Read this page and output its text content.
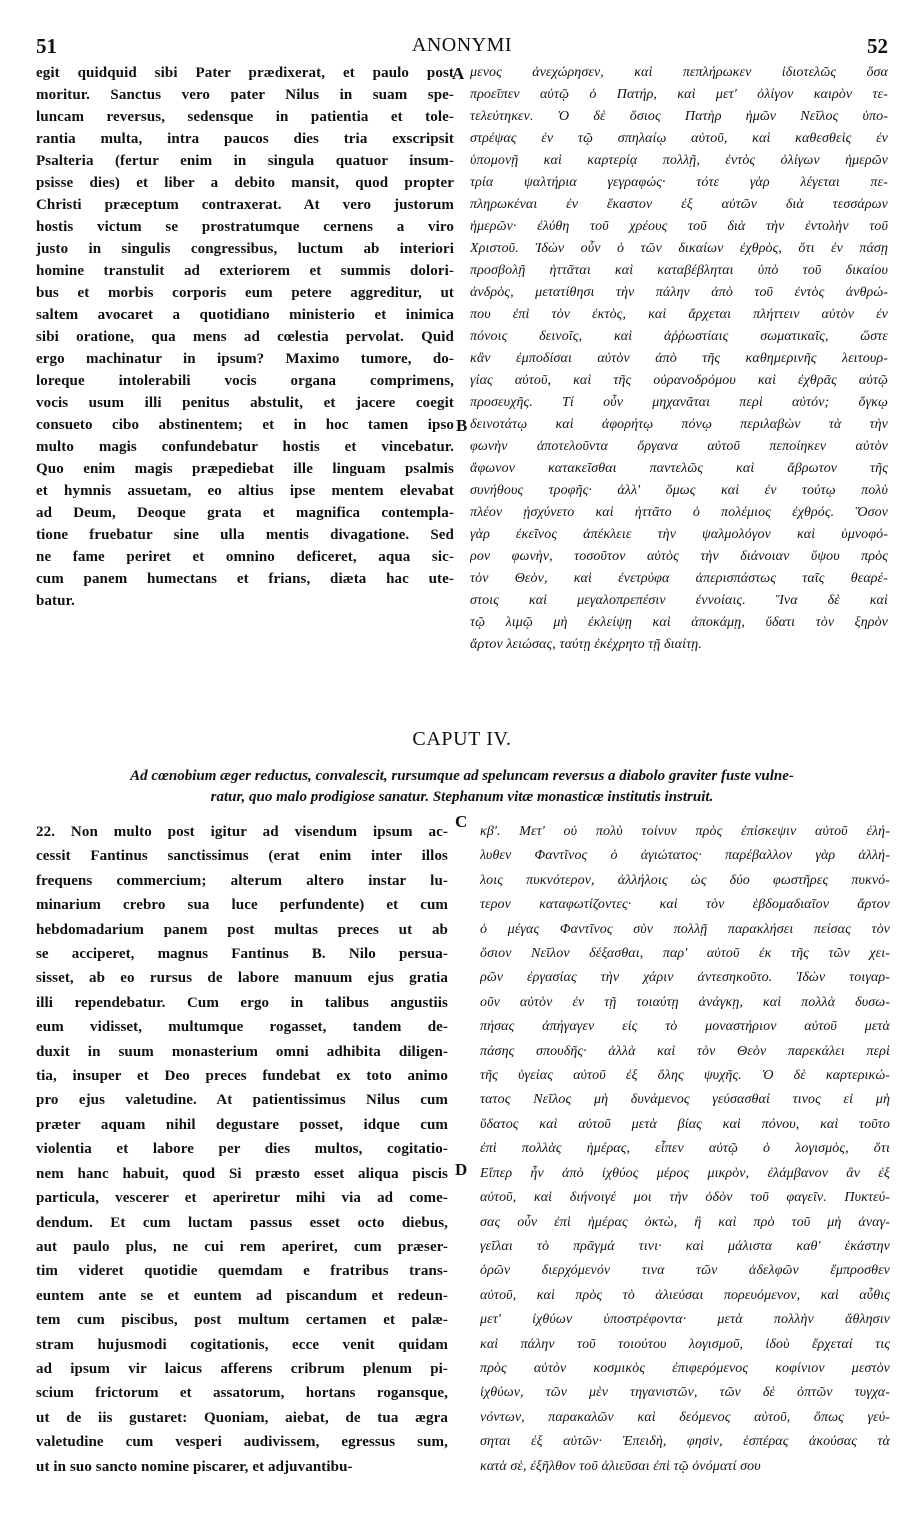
51	ANONYMI	52
egit quidquid sibi Pater prædixerat, et paulo post
moritur. Sanctus vero pater Nilus in suam spe-
luncam reversus, sedensque in patientia et tole-
rantia multa, intra paucos dies tria exscripsit
Psalteria (fertur enim in singula quatuor insum-
psisse dies) et liber a debito mansit, quod propter
Christi præceptum contraxerat. At vero justorum
hostis victum se prostratumque cernens a viro
justo in singulis congressibus, luctum ab interiori
homine transtulit ad exteriorem et summis dolori-
bus et morbis corporis eum petere aggreditur, ut
saltem avocaret a quotidiano ministerio et inimica
sibi oratione, qua mens ad cœlestia pervolat. Quid
ergo machinatur in ipsum? Maximo tumore, do-
loreque intolerabili vocis organa comprimens,
vocis usum illi penitus abstulit, et jacere coegit
consueto cibo abstinentem; et in hoc tamen ipso
multo magis confundebatur hostis et vincebatur.
Quo enim magis præpediebat ille linguam psalmis
et hymnis assuetam, eo altius ipse mentem elevabat
ad Deum, Deoque grata et magnifica contempla-
tione fruebatur sine ulla mentis divagatione. Sed
ne fame periret et omnino deficeret, aqua sic-
cum panem humectans et frians, diæta hac ute-
batur.
μενος ἀνεχώρησεν, καὶ πεπλήρωκεν ἰδιοτελῶς ὅσα
προεῖπεν αὐτῷ ὁ Πατήρ, καὶ μετ' ὀλίγον καιρὸν τε-
τελεύτηκεν. Ὁ δὲ ὅσιος Πατὴρ ἡμῶν Νεῖλος ὑπο-
στρέψας ἐν τῷ σπηλαίῳ αὐτοῦ, καὶ καθεσθεὶς ἐν
ὑπομονῇ καὶ καρτερίᾳ πολλῇ, ἐντὸς ὀλίγων ἡμερῶν
τρία ψαλτήρια γεγραφώς· τότε γὰρ λέγεται πε-
πληρωκέναι ἐν ἕκαστον ἐξ αὐτῶν διὰ τεσσάρων
ἡμερῶν· ἐλύθη τοῦ χρέους τοῦ διὰ τὴν ἐντολὴν τοῦ
Χριστοῦ. Ἰδὼν οὖν ὁ τῶν δικαίων ἐχθρὸς, ὅτι ἐν πάσῃ
προσβολῇ ἡττᾶται καὶ καταβέβληται ὑπὸ τοῦ δικαίου
ἀνδρὸς, μετατίθησι τὴν πάλην ἀπὸ τοῦ ἐντὸς ἀνθρώ-
που ἐπὶ τὸν ἐκτὸς, καὶ ἄρχεται πλήττειν αὐτὸν ἐν
πόνοις δεινοῖς, καὶ ἀῤῥωστίαις σωματικαῖς, ὥστε
κἂν ἐμποδίσαι αὐτὸν ἀπὸ τῆς καθημερινῆς λειτουρ-
γίας αὐτοῦ, καὶ τῆς οὐρανοδρόμου καὶ ἐχθρᾶς αὐτῷ
προσευχῆς. Τί οὖν μηχανᾶται περὶ αὐτόν; ὄγκῳ
δεινοτάτῳ καὶ ἀφορήτῳ πόνῳ περιλαβὼν τὰ τὴν
φωνὴν ἀποτελοῦντα ὄργανα αὐτοῦ πεποίηκεν αὐτὸν
ἄφωνον κατακεῖσθαι παντελῶς καὶ ἄβρωτον τῆς
συνήθους τροφῆς· ἀλλ' ὅμως καὶ ἐν τούτῳ πολὺ
πλέον ᾐσχύνετο καὶ ἡττᾶτο ὁ πολέμιος ἐχθρός. Ὅσον
γὰρ ἐκεῖνος ἀπέκλειε τὴν ψαλμολόγον καὶ ὑμνοφό-
ρον φωνὴν, τοσοῦτον αὐτὸς τὴν διάνοιαν ὕψου πρὸς
τὸν Θεὸν, καὶ ἐνετρύφα ἀπερισπάστως ταῖς θεαρέ-
στοις καὶ μεγαλοπρεπέσιν ἐννοίαις. Ἵνα δὲ καὶ
τῷ λιμῷ μὴ ἐκλείψῃ καὶ ἀποκάμῃ, ὕδατι τὸν ξηρὸν
ἄρτον λειώσας, ταύτῃ ἐκέχρητο τῇ διαίτῃ.
A
B
CAPUT IV.
Ad cœnobium æger reductus, convalescit, rursumque ad speluncam reversus a diabolo graviter fuste vulne-
ratur, quo malo prodigiose sanatur. Stephanum vitæ monasticæ institutis instruit.
22. Non multo post igitur ad visendum ipsum ac-
cessit Fantinus sanctissimus (erat enim inter illos
frequens commercium; alterum altero instar lu-
minarium crebro sua luce perfundente) et cum
hebdomadarium panem post multas preces ut ab
se acciperet, magnus Fantinus B. Nilo persua-
sisset, ab eo rursus de labore manuum ejus gratia
illi rependebatur. Cum ergo in talibus angustiis
eum vidisset, multumque rogasset, tandem de-
duxit in suum monasterium omni adhibita diligen-
tia, insuper et Deo preces fundebat ex toto animo
pro ejus valetudine. At patientissimus Nilus cum
præter aquam nihil degustare posset, idque cum
violentia et labore per dies multos, cogitatio-
nem hanc habuit, quod Si præsto esset aliqua piscis
particula, vescerer et aperiretur mihi via ad come-
dendum. Et cum luctam passus esset octo diebus,
aut paulo plus, ne cui rem aperiret, cum præser-
tim videret quotidie quemdam e fratribus trans-
euntem ante se et euntem ad piscandum et redeun-
tem cum piscibus, post multum certamen et palæ-
stram hujusmodi cogitationis, ecce venit quidam
ad ipsum vir laicus afferens cribrum plenum pi-
scium frictorum et assatorum, hortans rogansque,
ut de iis gustaret: Quoniam, aiebat, de tua ægra
valetudine cum vesperi audivissem, egressus sum,
ut in suo sancto nomine piscarer, et adjuvantibu-
κβ'. Μετ' οὐ πολὺ τοίνυν πρὸς ἐπίσκεψιν αὐτοῦ ἐλή-
λυθεν Φαντῖνος ὁ ἁγιώτατος· παρέβαλλον γὰρ ἀλλή-
λοις πυκνότερον, ἀλλήλοις ὡς δύο φωστῆρες πυκνό-
τερον καταφωτίζοντες· καὶ τὸν ἑβδομαδιαῖον ἄρτον
ὁ μέγας Φαντῖνος σὺν πολλῇ παρακλήσει πείσας τὸν
ὅσιον Νεῖλον δέξασθαι, παρ' αὐτοῦ ἐκ τῆς τῶν χει-
ρῶν ἐργασίας τὴν χάριν ἀντεσηκοῦτο. Ἰδὼν τοιγαρ-
οῦν αὐτὸν ἐν τῇ τοιαύτῃ ἀνάγκῃ, καὶ πολλὰ δυσω-
πήσας ἀπήγαγεν εἰς τὸ μοναστήριον αὐτοῦ μετὰ
πάσης σπουδῆς· ἀλλὰ καὶ τὸν Θεὸν παρεκάλει περὶ
τῆς ὑγείας αὐτοῦ ἐξ ὅλης ψυχῆς. Ὁ δὲ καρτερικώ-
τατος Νεῖλος μὴ δυνάμενος γεύσασθαί τινος εἰ μὴ
ὕδατος καὶ αὐτοῦ μετὰ βίας καὶ πόνου, καὶ τοῦτο
ἐπὶ πολλὰς ἡμέρας, εἶπεν αὐτῷ ὁ λογισμὸς, ὅτι
Εἴπερ ἦν ἀπὸ ἰχθύος μέρος μικρὸν, ἐλάμβανον ἂν ἐξ
αὐτοῦ, καὶ διήνοιγέ μοι τὴν ὁδὸν τοῦ φαγεῖν. Πυκτεύ-
σας οὖν ἐπὶ ἡμέρας ὀκτὼ, ἢ καὶ πρὸ τοῦ μὴ ἀναγ-
γεῖλαι τὸ πρᾶγμά τινι· καὶ μάλιστα καθ' ἑκάστην
ὁρῶν διερχόμενόν τινα τῶν ἀδελφῶν ἔμπροσθεν
αὐτοῦ, καὶ πρὸς τὸ ἁλιεύσαι πορευόμενον, καὶ αὖθις
μετ' ἰχθύων ὑποστρέφοντα· μετὰ πολλὴν ἄθλησιν
καὶ πάλην τοῦ τοιούτου λογισμοῦ, ἰδοὺ ἔρχεταί τις
πρὸς αὐτὸν κοσμικὸς ἐπιφερόμενος κοφίνιον μεστὸν
ἰχθύων, τῶν μὲν τηγανιστῶν, τῶν δὲ ὀπτῶν τυγχα-
νόντων, παρακαλῶν καὶ δεόμενος αὐτοῦ, ὅπως γεύ-
σηται ἐξ αὐτῶν· Ἐπειδὴ, φησὶν, ἑσπέρας ἀκούσας τὰ
κατὰ σὲ, ἐξῆλθον τοῦ ἁλιεῦσαι ἐπὶ τῷ ὀνόματί σου
C
D
